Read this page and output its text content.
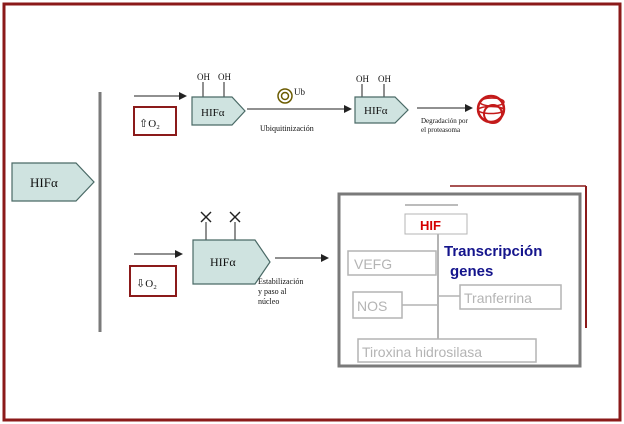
HIFα
⇧O₂
OH OH
HIFα
Ub
Ubiquitinización
OH OH
HIFα
Degradación por
el proteasoma
⇩O₂
HIFα
Estabilización
y paso al
núcleo
HIF
Transcripción
genes
VEFG
NOS	Tranferrina
Tiroxina hidrosilasa
